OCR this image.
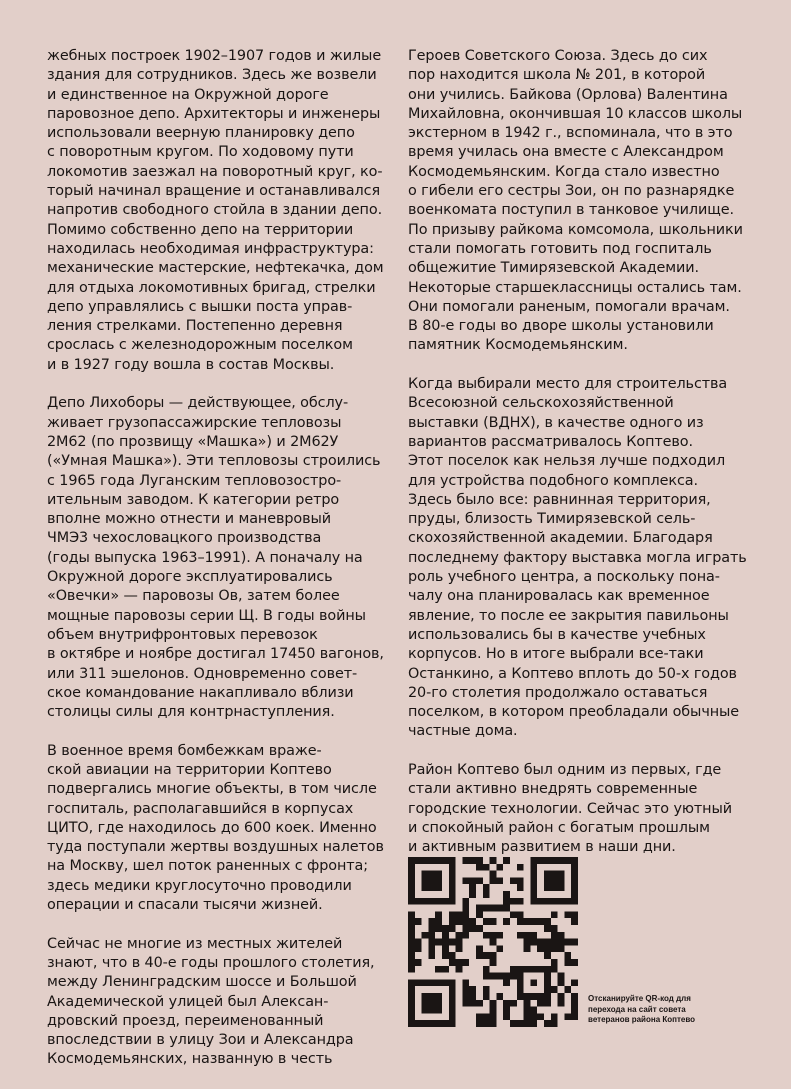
жебных построек 1902–1907 годов и жилые
здания для сотрудников. Здесь же возвели
и единственное на Окружной дороге
паровозное депо. Архитекторы и инженеры
использовали веерную планировку депо
с поворотным кругом. По ходовому пути
локомотив заезжал на поворотный круг, ко-
торый начинал вращение и останавливался
напротив свободного стойла в здании депо.
Помимо собственно депо на территории
находилась необходимая инфраструктура:
механические мастерские, нефтекачка, дом
для отдыха локомотивных бригад, стрелки
депо управлялись с вышки поста управ-
ления стрелками. Постепенно деревня
срослась с железнодорожным поселком
и в 1927 году вошла в состав Москвы.

Депо Лихоборы — действующее, обслу-
живает грузопассажирские тепловозы
2М62 (по прозвищу «Машка») и 2М62У
(«Умная Машка»). Эти тепловозы строились
с 1965 года Луганским тепловозостро-
ительным заводом. К категории ретро
вполне можно отнести и маневровый
ЧМЭ3 чехословацкого производства
(годы выпуска 1963–1991). А поначалу на
Окружной дороге эксплуатировались
«Овечки» — паровозы Ов, затем более
мощные паровозы серии Щ. В годы войны
объем внутрифронтовых перевозок
в октябре и ноябре достигал 17450 вагонов,
или 311 эшелонов. Одновременно совет-
ское командование накапливало вблизи
столицы силы для контрнаступления.

В военное время бомбежкам враже-
ской авиации на территории Коптево
подвергались многие объекты, в том числе
госпиталь, располагавшийся в корпусах
ЦИТО, где находилось до 600 коек. Именно
туда поступали жертвы воздушных налетов
на Москву, шел поток раненных с фронта;
здесь медики круглосуточно проводили
операции и спасали тысячи жизней.

Сейчас не многие из местных жителей
знают, что в 40-е годы прошлого столетия,
между Ленинградским шоссе и Большой
Академической улицей был Алексан-
дровский проезд, переименованный
впоследствии в улицу Зои и Александра
Космодемьянских, названную в честь

Героев Советского Союза. Здесь до сих
пор находится школа № 201, в которой
они учились. Байкова (Орлова) Валентина
Михайловна, окончившая 10 классов школы
экстерном в 1942 г., вспоминала, что в это
время училась она вместе с Александром
Космодемьянским. Когда стало известно
о гибели его сестры Зои, он по разнарядке
военкомата поступил в танковое училище.
По призыву райкома комсомола, школьники
стали помогать готовить под госпиталь
общежитие Тимирязевской Академии.
Некоторые старшеклассницы остались там.
Они помогали раненым, помогали врачам.
В 80-е годы во дворе школы установили
памятник Космодемьянским.

Когда выбирали место для строительства
Всесоюзной сельскохозяйственной
выставки (ВДНХ), в качестве одного из
вариантов рассматривалось Коптево.
Этот поселок как нельзя лучше подходил
для устройства подобного комплекса.
Здесь было все: равнинная территория,
пруды, близость Тимирязевской сель-
скохозяйственной академии. Благодаря
последнему фактору выставка могла играть
роль учебного центра, а поскольку пона-
чалу она планировалась как временное
явление, то после ее закрытия павильоны
использовались бы в качестве учебных
корпусов. Но в итоге выбрали все-таки
Останкино, а Коптево вплоть до 50-х годов
20-го столетия продолжало оставаться
поселком, в котором преобладали обычные
частные дома.

Район Коптево был одним из первых, где
стали активно внедрять современные
городские технологии. Сейчас это уютный
и спокойный район с богатым прошлым
и активным развитием в наши дни.

Отсканируйте QR-код для
перехода на сайт совета
ветеранов района Коптево
